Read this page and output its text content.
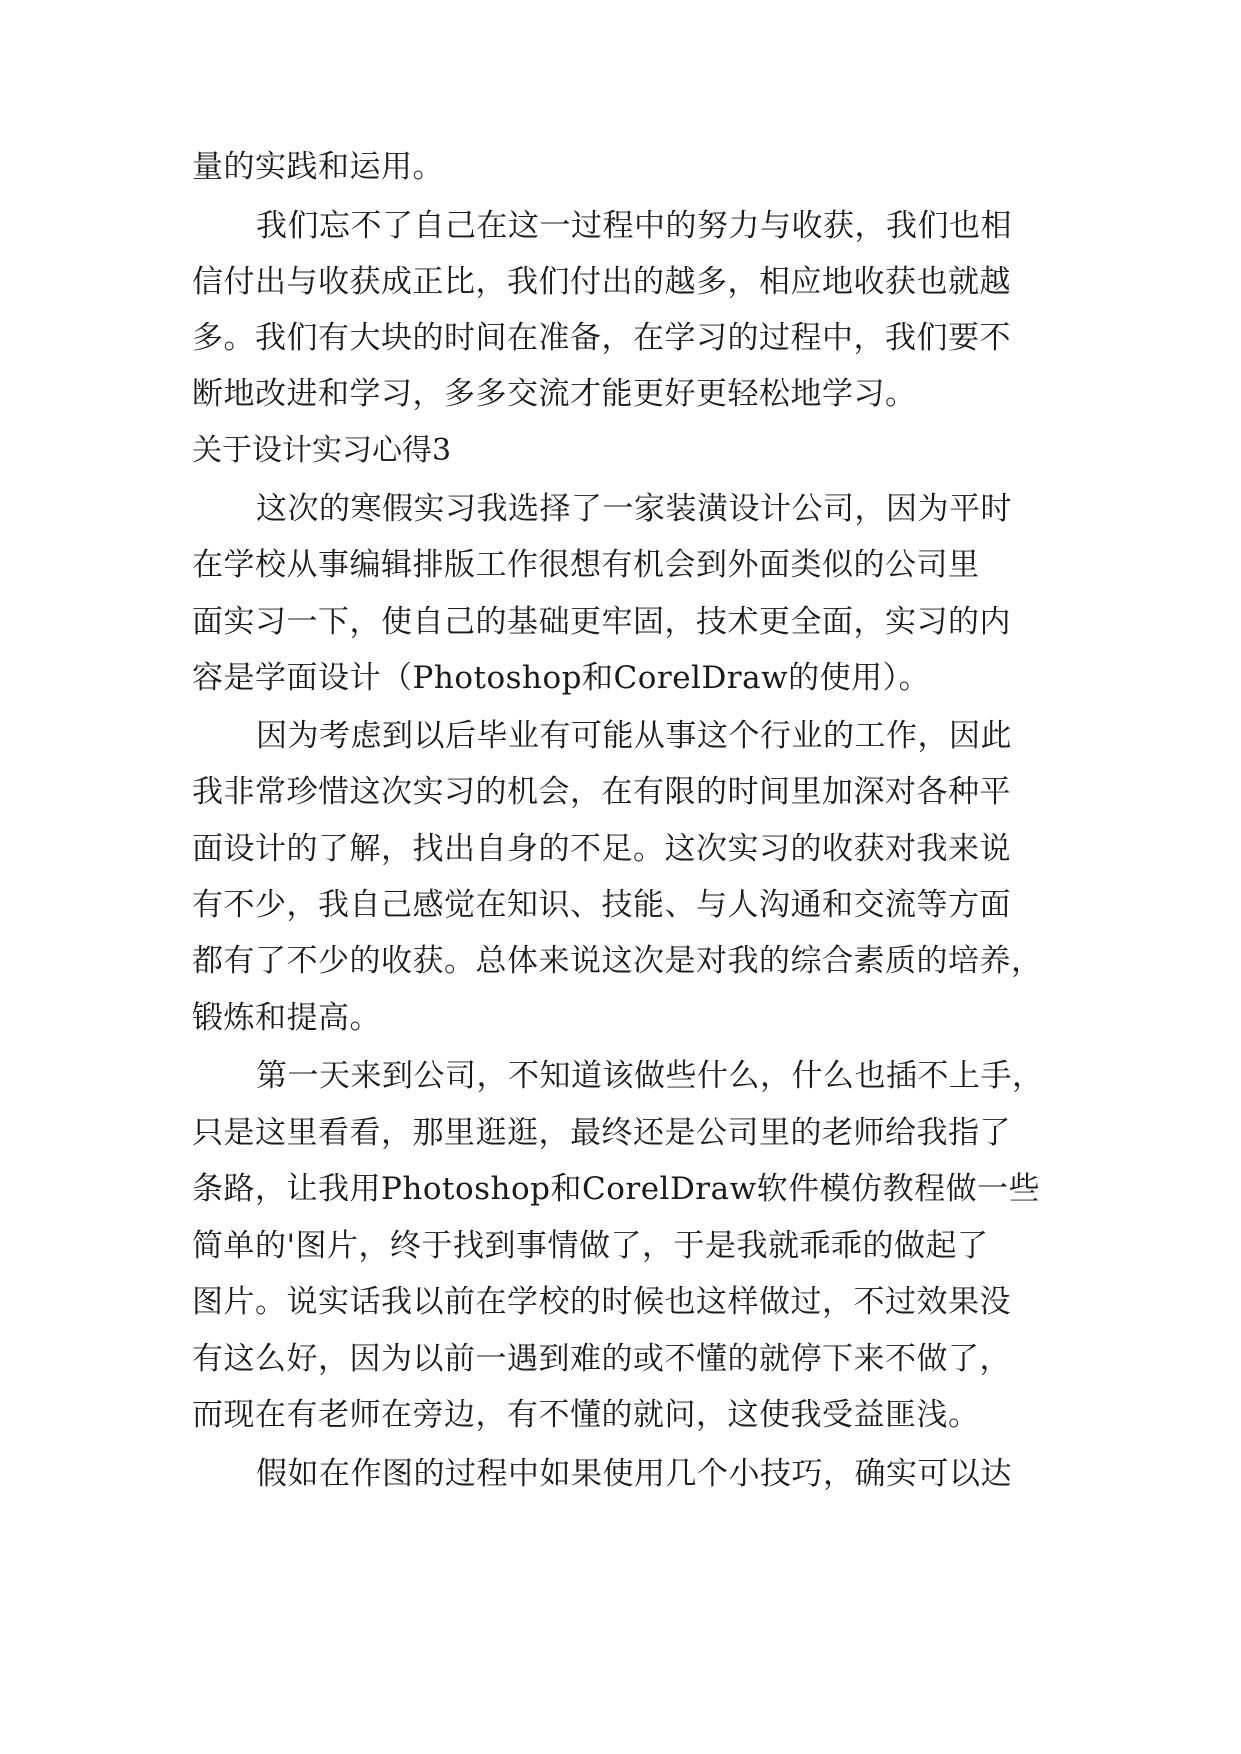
量的实践和运用。
我们忘不了自己在这一过程中的努力与收获，我们也相
信付出与收获成正比，我们付出的越多，相应地收获也就越
多。我们有大块的时间在准备，在学习的过程中，我们要不
断地改进和学习，多多交流才能更好更轻松地学习。
关于设计实习心得3
这次的寒假实习我选择了一家装潢设计公司，因为平时
在学校从事编辑排版工作很想有机会到外面类似的公司里
面实习一下，使自己的基础更牢固，技术更全面，实习的内
容是学面设计（Photoshop和CorelDraw的使用）。
因为考虑到以后毕业有可能从事这个行业的工作，因此
我非常珍惜这次实习的机会，在有限的时间里加深对各种平
面设计的了解，找出自身的不足。这次实习的收获对我来说
有不少，我自己感觉在知识、技能、与人沟通和交流等方面
都有了不少的收获。总体来说这次是对我的综合素质的培养，
锻炼和提高。
第一天来到公司，不知道该做些什么，什么也插不上手，
只是这里看看，那里逛逛，最终还是公司里的老师给我指了
条路，让我用Photoshop和CorelDraw软件模仿教程做一些
简单的'图片，终于找到事情做了，于是我就乖乖的做起了
图片。说实话我以前在学校的时候也这样做过，不过效果没
有这么好，因为以前一遇到难的或不懂的就停下来不做了，
而现在有老师在旁边，有不懂的就问，这使我受益匪浅。
假如在作图的过程中如果使用几个小技巧，确实可以达
